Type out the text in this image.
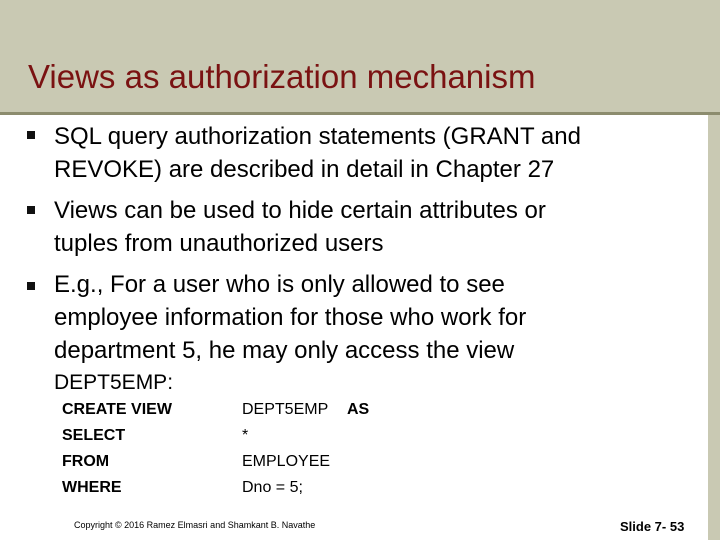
Views as authorization mechanism
SQL query authorization statements (GRANT and
REVOKE) are described in detail in Chapter 27
Views can be used to hide certain attributes or
tuples from unauthorized users
E.g., For a user who is only allowed to see
employee information for those who work for
department 5, he may only access the view
DEPT5EMP:
CREATE VIEW
SELECT
FROM
WHERE
DEPT5EMP AS
*
EMPLOYEE
Dno = 5;
Copyright © 2016 Ramez Elmasri and Shamkant B. Navathe	Slide 7- 53
